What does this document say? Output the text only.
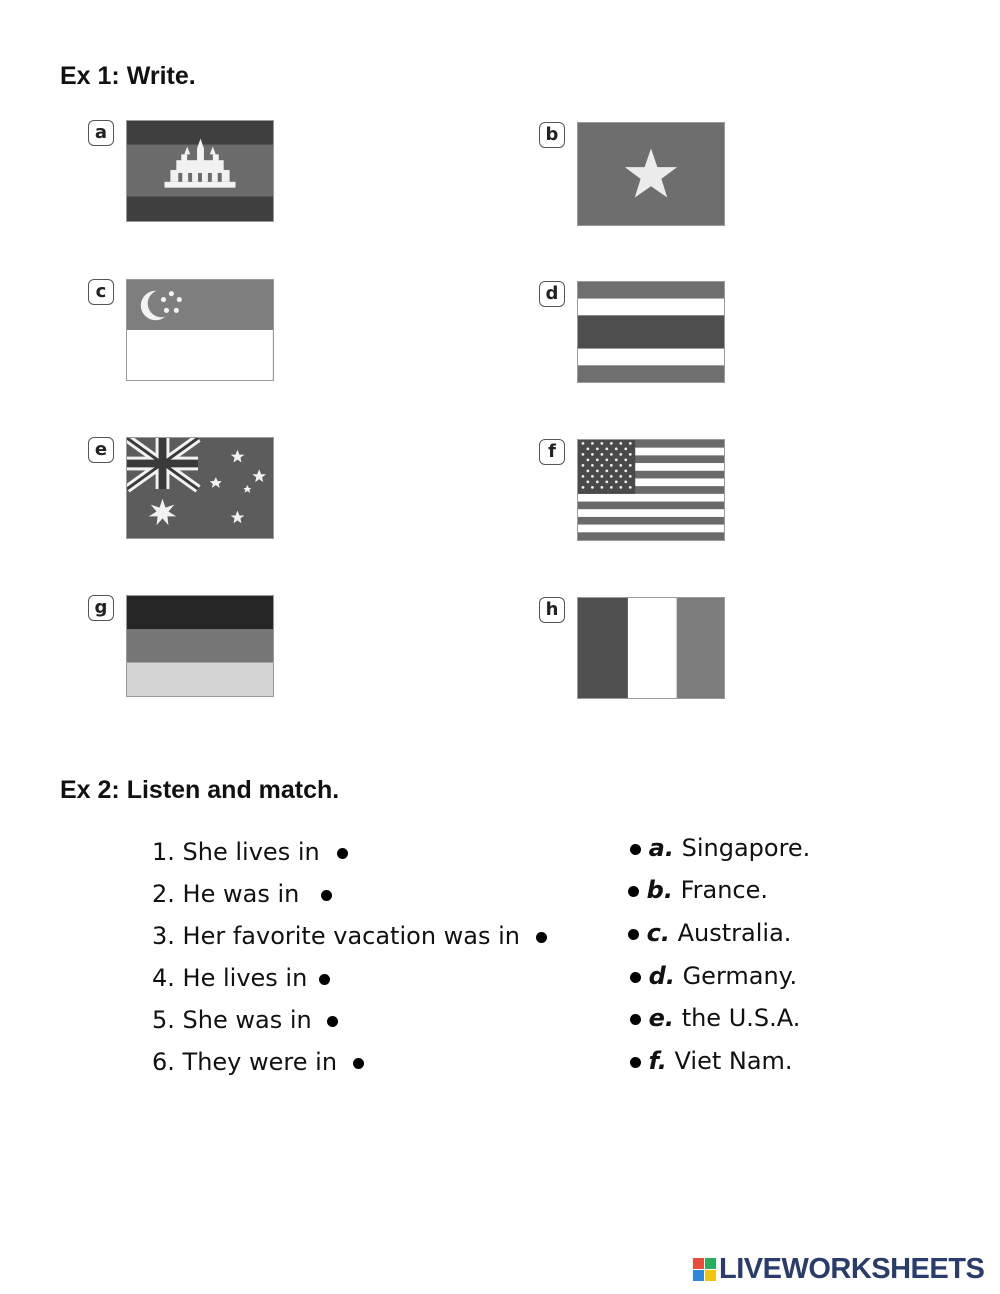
Ex 1: Write.
a	b
c	d
e	f
g	h
Ex 2: Listen and match.
1. She lives in
2. He was in
3. Her favorite vacation was in
4. He lives in
5. She was in
6. They were in
a. Singapore.
b. France.
c. Australia.
d. Germany.
e. the U.S.A.
f. Viet Nam.
LIVEWORKSHEETS
